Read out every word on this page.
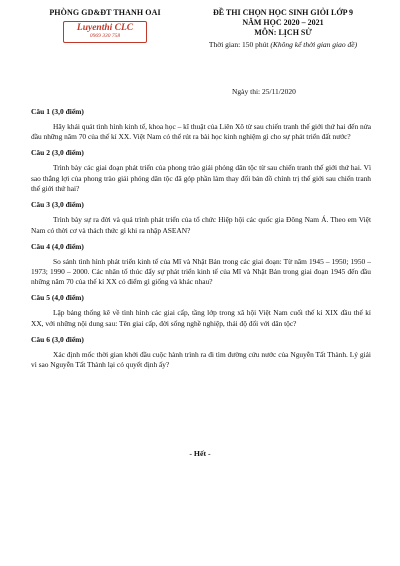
PHÒNG GD&ĐT THANH OAI
Luyenthi CLC
0969 330 758
ĐỀ THI CHỌN HỌC SINH GIỎI LỚP 9
NĂM HỌC 2020 – 2021
MÔN: LỊCH SỬ
Thời gian: 150 phút (Không kể thời gian giao đề)
Ngày thi: 25/11/2020
Câu 1 (3,0 điểm)
Hãy khái quát tình hình kinh tế, khoa học – kĩ thuật của Liên Xô từ sau chiến tranh thế giới thứ hai đến nửa đầu những năm 70 của thế kỉ XX. Việt Nam có thể rút ra bài học kinh nghiệm gì cho sự phát triển đất nước?
Câu 2 (3,0 điểm)
Trình bày các giai đoạn phát triển của phong trào giải phóng dân tộc từ sau chiến tranh thế giới thứ hai. Vì sao thắng lợi của phong trào giải phóng dân tộc đã góp phần làm thay đổi bản đồ chính trị thế giới sau chiến tranh thế giới thứ hai?
Câu 3 (3,0 điểm)
Trình bày sự ra đời và quá trình phát triển của tổ chức Hiệp hội các quốc gia Đông Nam Á. Theo em Việt Nam có thời cơ và thách thức gì khi ra nhập ASEAN?
Câu 4 (4,0 điểm)
So sánh tình hình phát triển kinh tế của Mĩ và Nhật Bản trong các giai đoạn: Từ năm 1945 – 1950; 1950 – 1973; 1990 – 2000. Các nhân tố thúc đẩy sự phát triển kinh tế của Mĩ và Nhật Bản trong giai đoạn 1945 đến đầu những năm 70 của thế kỉ XX có điểm gì giống và khác nhau?
Câu 5 (4,0 điểm)
Lập bảng thống kê về tình hình các giai cấp, tầng lớp trong xã hội Việt Nam cuối thế kỉ XIX đầu thế kỉ XX, với những nội dung sau: Tên giai cấp, đời sống nghề nghiệp, thái độ đối với dân tộc?
Câu 6 (3,0 điểm)
Xác định mốc thời gian khởi đầu cuộc hành trình ra đi tìm đường cứu nước của Nguyễn Tất Thành. Lý giải vì sao Nguyễn Tất Thành lại có quyết định ấy?
- Hết -
